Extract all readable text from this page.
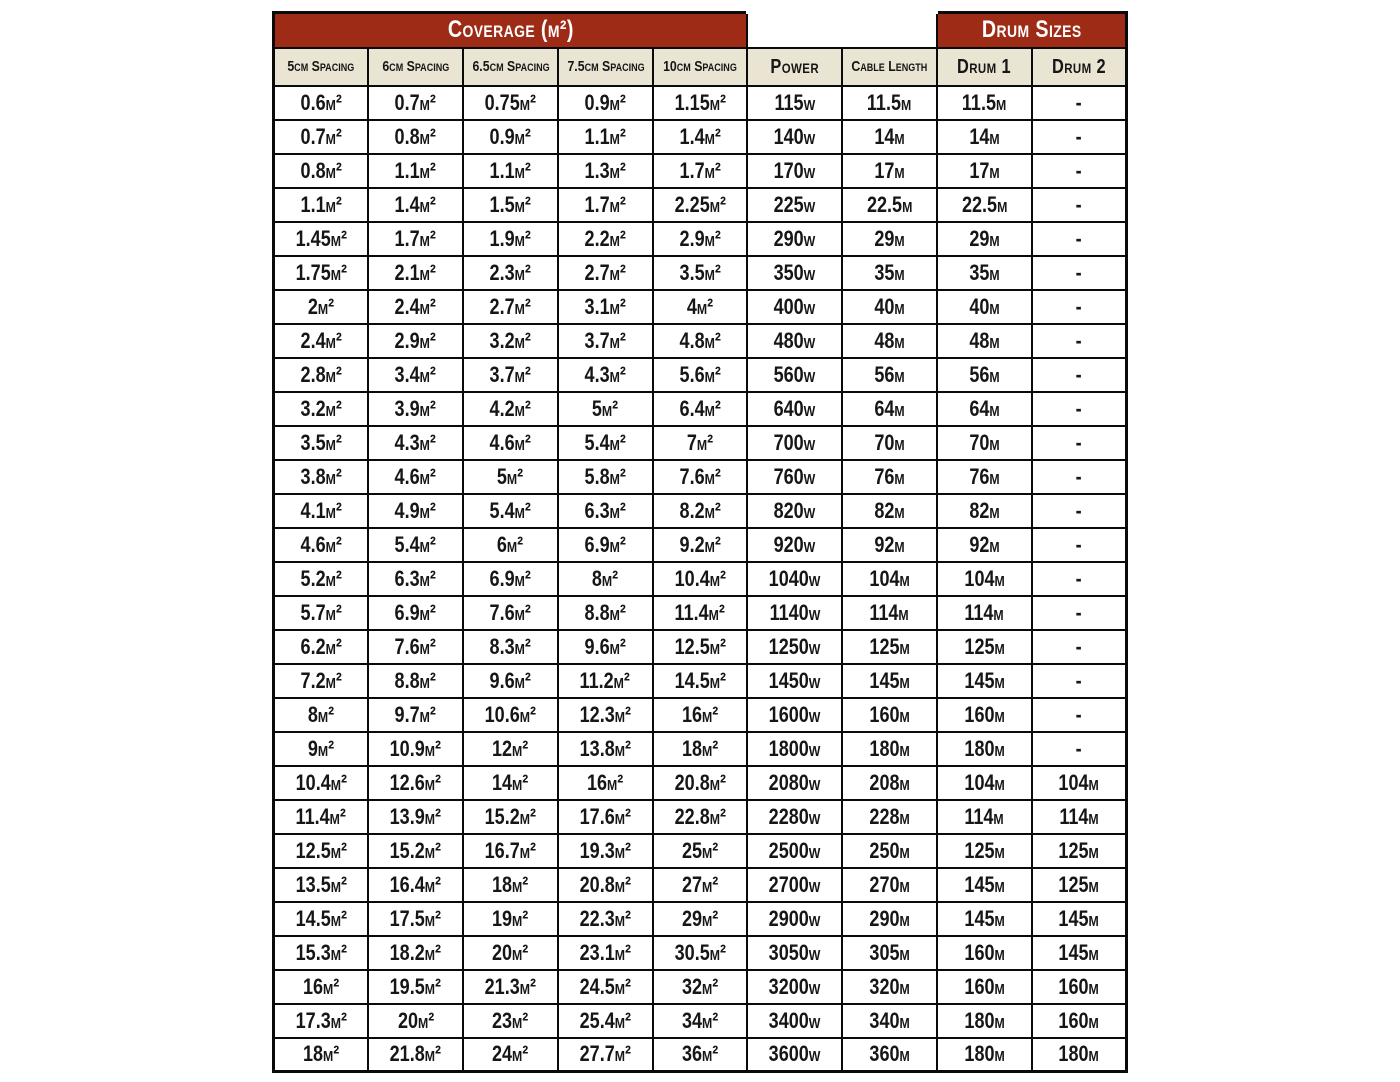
Coverage (m²)							Drum Sizes	
5cm Spacing	6cm Spacing	6.5cm Spacing	7.5cm Spacing	10cm Spacing	Power	Cable Length	Drum 1	Drum 2
0.6m²	0.7m²	0.75m²	0.9m²	1.15m²	115w	11.5m	11.5m	-
0.7m²	0.8m²	0.9m²	1.1m²	1.4m²	140w	14m	14m	-
0.8m²	1.1m²	1.1m²	1.3m²	1.7m²	170w	17m	17m	-
1.1m²	1.4m²	1.5m²	1.7m²	2.25m²	225w	22.5m	22.5m	-
1.45m²	1.7m²	1.9m²	2.2m²	2.9m²	290w	29m	29m	-
1.75m²	2.1m²	2.3m²	2.7m²	3.5m²	350w	35m	35m	-
2m²	2.4m²	2.7m²	3.1m²	4m²	400w	40m	40m	-
2.4m²	2.9m²	3.2m²	3.7m²	4.8m²	480w	48m	48m	-
2.8m²	3.4m²	3.7m²	4.3m²	5.6m²	560w	56m	56m	-
3.2m²	3.9m²	4.2m²	5m²	6.4m²	640w	64m	64m	-
3.5m²	4.3m²	4.6m²	5.4m²	7m²	700w	70m	70m	-
3.8m²	4.6m²	5m²	5.8m²	7.6m²	760w	76m	76m	-
4.1m²	4.9m²	5.4m²	6.3m²	8.2m²	820w	82m	82m	-
4.6m²	5.4m²	6m²	6.9m²	9.2m²	920w	92m	92m	-
5.2m²	6.3m²	6.9m²	8m²	10.4m²	1040w	104m	104m	-
5.7m²	6.9m²	7.6m²	8.8m²	11.4m²	1140w	114m	114m	-
6.2m²	7.6m²	8.3m²	9.6m²	12.5m²	1250w	125m	125m	-
7.2m²	8.8m²	9.6m²	11.2m²	14.5m²	1450w	145m	145m	-
8m²	9.7m²	10.6m²	12.3m²	16m²	1600w	160m	160m	-
9m²	10.9m²	12m²	13.8m²	18m²	1800w	180m	180m	-
10.4m²	12.6m²	14m²	16m²	20.8m²	2080w	208m	104m	104m
11.4m²	13.9m²	15.2m²	17.6m²	22.8m²	2280w	228m	114m	114m
12.5m²	15.2m²	16.7m²	19.3m²	25m²	2500w	250m	125m	125m
13.5m²	16.4m²	18m²	20.8m²	27m²	2700w	270m	145m	125m
14.5m²	17.5m²	19m²	22.3m²	29m²	2900w	290m	145m	145m
15.3m²	18.2m²	20m²	23.1m²	30.5m²	3050w	305m	160m	145m
16m²	19.5m²	21.3m²	24.5m²	32m²	3200w	320m	160m	160m
17.3m²	20m²	23m²	25.4m²	34m²	3400w	340m	180m	160m
18m²	21.8m²	24m²	27.7m²	36m²	3600w	360m	180m	180m
